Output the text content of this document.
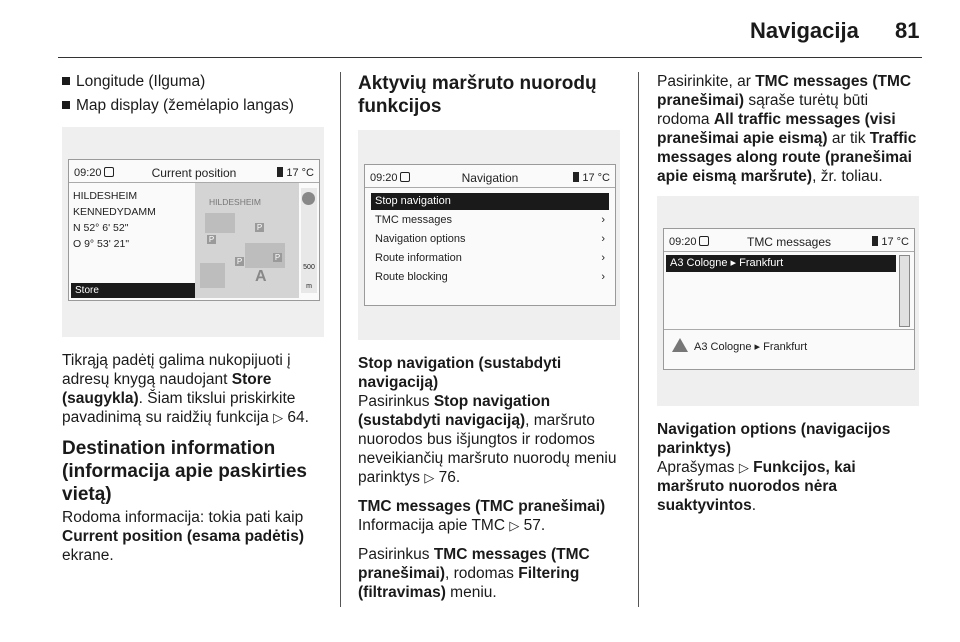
Navigacija 81
Longitude (Ilguma)
Map display (žemėlapio langas)
09:20	Current position	17 °C
HILDESHEIM
KENNEDYDAMM
N 52° 6' 52"
O 9° 53' 21"
HILDESHEIM
P
P
P	P
A
500 m
Store

Tikrąją padėtį galima nukopijuoti į adresų knygą naudojant Store (saugykla). Šiam tikslui priskirkite pavadinimą su raidžių funkcija ▷ 64.

Destination information (informacija apie paskirties vietą)

Rodoma informacija: tokia pati kaip Current position (esama padėtis) ekrane.

Aktyvių maršruto nuorodų funkcijos
09:20	Navigation	17 °C
Stop navigation
TMC messages	›
Navigation options	›
Route information	›
Route blocking	›
Stop navigation (sustabdyti navigaciją)

Pasirinkus Stop navigation (sustabdyti navigaciją), maršruto nuorodos bus išjungtos ir rodomos neveikiančių maršruto nuorodų meniu parinktys ▷ 76.

TMC messages (TMC pranešimai)

Informacija apie TMC ▷ 57.

Pasirinkus TMC messages (TMC pranešimai), rodomas Filtering (filtravimas) meniu.

Pasirinkite, ar TMC messages (TMC pranešimai) sąraše turėtų būti rodoma All traffic messages (visi pranešimai apie eismą) ar tik Traffic messages along route (pranešimai apie eismą maršrute), žr. toliau.

09:20	TMC messages	17 °C
A3 Cologne ▸ Frankfurt
A3 Cologne ▸ Frankfurt
Navigation options (navigacijos parinktys)

Aprašymas ▷ Funkcijos, kai maršruto nuorodos nėra suaktyvintos.
